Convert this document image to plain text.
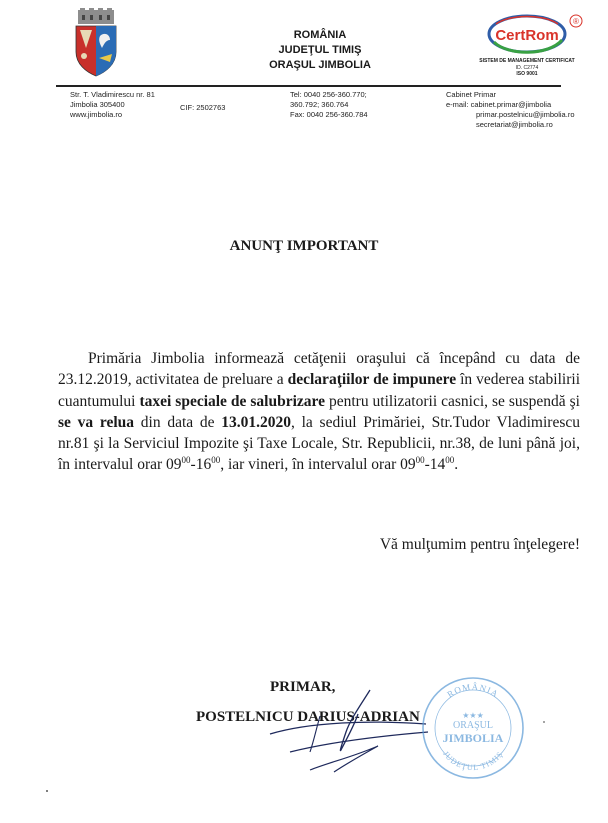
ROMÂNIA
JUDEŢUL TIMIŞ
ORAŞUL JIMBOLIA
CertRom
®
SISTEM DE MANAGEMENT CERTIFICAT
ID. C2774
ISO 9001
Str. T. Vladimirescu nr. 81
Jimbolia 305400
www.jimbolia.ro
CIF: 2502763
Tel: 0040 256-360.770;
360.792; 360.764
Fax: 0040 256-360.784
Cabinet Primar
e-mail: cabinet.primar@jimbolia
primar.postelnicu@jimbolia.ro
secretariat@jimbolia.ro
ANUNŢ IMPORTANT
Primăria Jimbolia informează cetăţenii oraşului că începând cu data de 23.12.2019, activitatea de preluare a declaraţiilor de impunere în vederea stabilirii cuantumului taxei speciale de salubrizare pentru utilizatorii casnici, se suspendă şi se va relua din data de 13.01.2020, la sediul Primăriei, Str.Tudor Vladimirescu nr.81 şi la Serviciul Impozite şi Taxe Locale, Str. Republicii, nr.38, de luni până joi, în intervalul orar $09^{00}-16^{00}$, iar vineri, în intervalul orar $09^{00}-14^{00}$.
Vă mulţumim pentru înţelegere!
PRIMAR,
POSTELNICU DARIUS-ADRIAN
ROMÂNIA
★★★
ORAŞUL
JIMBOLIA
JUDEŢUL TIMIŞ
